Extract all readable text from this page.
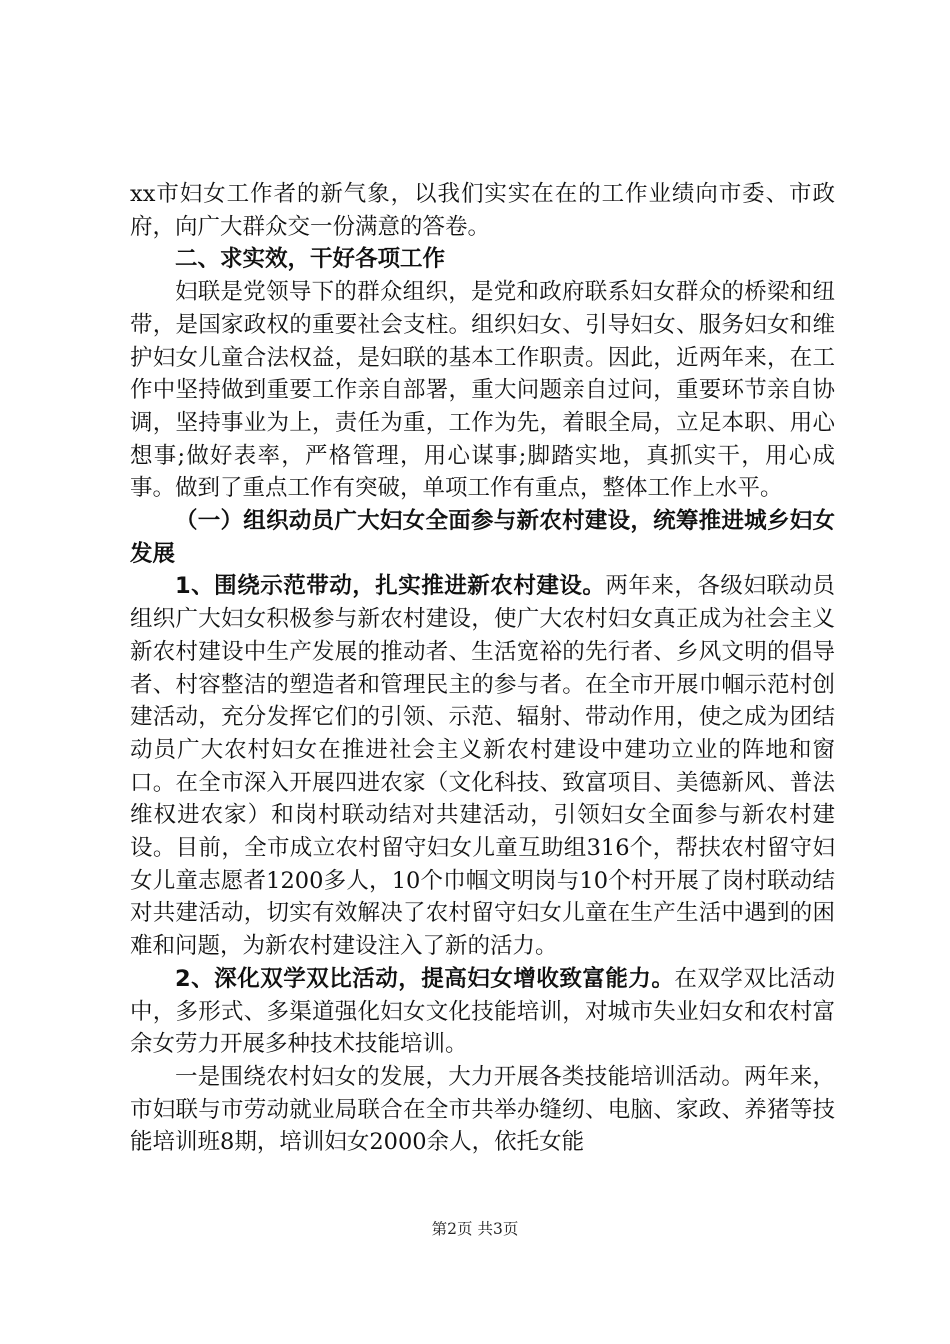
xx市妇女工作者的新气象，以我们实实在在的工作业绩向市委、市政府，向广大群众交一份满意的答卷。

二、求实效，干好各项工作

妇联是党领导下的群众组织，是党和政府联系妇女群众的桥梁和纽带，是国家政权的重要社会支柱。组织妇女、引导妇女、服务妇女和维护妇女儿童合法权益，是妇联的基本工作职责。因此，近两年来，在工作中坚持做到重要工作亲自部署，重大问题亲自过问，重要环节亲自协调，坚持事业为上，责任为重，工作为先，着眼全局，立足本职、用心想事;做好表率，严格管理，用心谋事;脚踏实地，真抓实干，用心成事。做到了重点工作有突破，单项工作有重点，整体工作上水平。

（一）组织动员广大妇女全面参与新农村建设，统筹推进城乡妇女发展

1、围绕示范带动，扎实推进新农村建设。两年来，各级妇联动员组织广大妇女积极参与新农村建设，使广大农村妇女真正成为社会主义新农村建设中生产发展的推动者、生活宽裕的先行者、乡风文明的倡导者、村容整洁的塑造者和管理民主的参与者。在全市开展巾帼示范村创建活动，充分发挥它们的引领、示范、辐射、带动作用，使之成为团结动员广大农村妇女在推进社会主义新农村建设中建功立业的阵地和窗口。在全市深入开展四进农家（文化科技、致富项目、美德新风、普法维权进农家）和岗村联动结对共建活动，引领妇女全面参与新农村建设。目前，全市成立农村留守妇女儿童互助组316个，帮扶农村留守妇女儿童志愿者1200多人，10个巾帼文明岗与10个村开展了岗村联动结对共建活动，切实有效解决了农村留守妇女儿童在生产生活中遇到的困难和问题，为新农村建设注入了新的活力。

2、深化双学双比活动，提高妇女增收致富能力。在双学双比活动中，多形式、多渠道强化妇女文化技能培训，对城市失业妇女和农村富余女劳力开展多种技术技能培训。

一是围绕农村妇女的发展，大力开展各类技能培训活动。两年来，市妇联与市劳动就业局联合在全市共举办缝纫、电脑、家政、养猪等技能培训班8期，培训妇女2000余人，依托女能

第2页 共3页
